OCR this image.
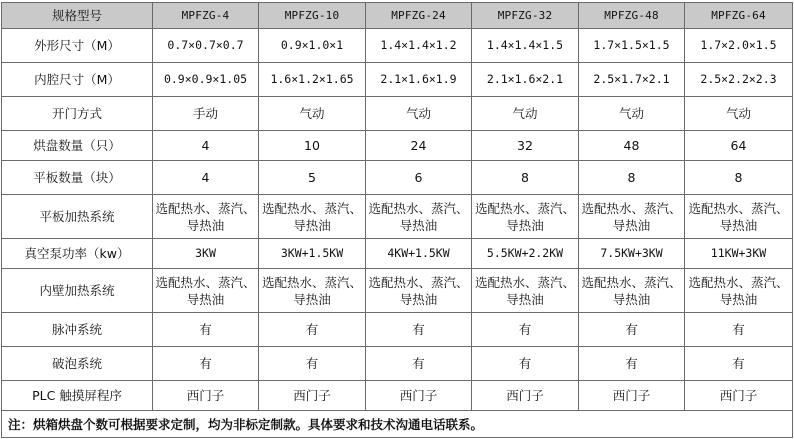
规格型号	MPFZG-4	MPFZG-10	MPFZG-24	MPFZG-32	MPFZG-48	MPFZG-64
外形尺寸（M）	0.7×0.7×0.7	0.9×1.0×1	1.4×1.4×1.2	1.4×1.4×1.5	1.7×1.5×1.5	1.7×2.0×1.5
内腔尺寸（M）	0.9×0.9×1.05	1.6×1.2×1.65	2.1×1.6×1.9	2.1×1.6×2.1	2.5×1.7×2.1	2.5×2.2×2.3
开门方式	手动	气动	气动	气动	气动	气动
烘盘数量（只）	4	10	24	32	48	64
平板数量（块）	4	5	6	8	8	8
平板加热系统	选配热水、蒸汽、导热油	选配热水、蒸汽、导热油	选配热水、蒸汽、导热油	选配热水、蒸汽、导热油	选配热水、蒸汽、导热油	选配热水、蒸汽、导热油
真空泵功率（kw）	3KW	3KW+1.5KW	4KW+1.5KW	5.5KW+2.2KW	7.5KW+3KW	11KW+3KW
内壁加热系统	选配热水、蒸汽、导热油	选配热水、蒸汽、导热油	选配热水、蒸汽、导热油	选配热水、蒸汽、导热油	选配热水、蒸汽、导热油	选配热水、蒸汽、导热油
脉冲系统	有	有	有	有	有	有
破泡系统	有	有	有	有	有	有
PLC 触摸屏程序	西门子	西门子	西门子	西门子	西门子	西门子
注：烘箱烘盘个数可根据要求定制，均为非标定制款。具体要求和技术沟通电话联系。						
